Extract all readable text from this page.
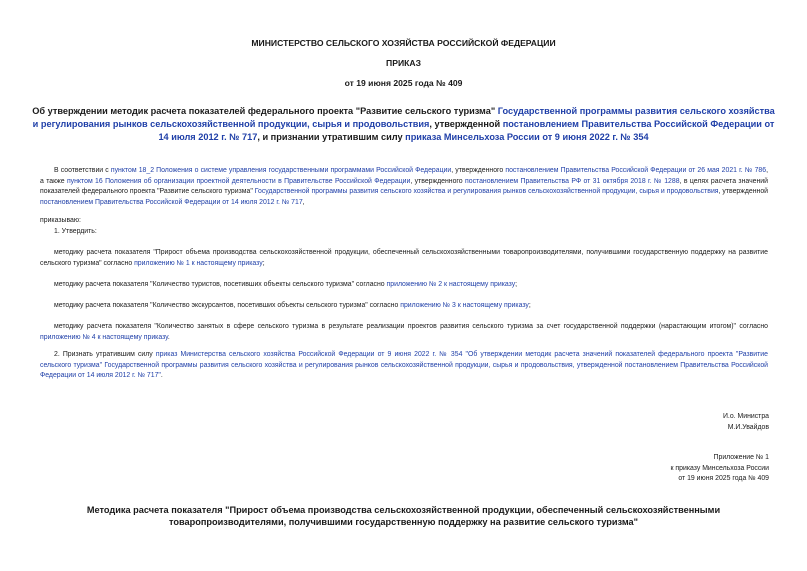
МИНИСТЕРСТВО СЕЛЬСКОГО ХОЗЯЙСТВА РОССИЙСКОЙ ФЕДЕРАЦИИ
ПРИКАЗ
от 19 июня 2025 года № 409
Об утверждении методик расчета показателей федерального проекта "Развитие сельского туризма" Государственной программы развития сельского хозяйства и регулирования рынков сельскохозяйственной продукции, сырья и продовольствия, утвержденной постановлением Правительства Российской Федерации от 14 июля 2012 г. № 717, и признании утратившим силу приказа Минсельхоза России от 9 июня 2022 г. № 354
В соответствии с пунктом 18_2 Положения о системе управления государственными программами Российской Федерации, утвержденного постановлением Правительства Российской Федерации от 26 мая 2021 г. № 786, а также пунктом 16 Положения об организации проектной деятельности в Правительстве Российской Федерации, утвержденного постановлением Правительства РФ от 31 октября 2018 г. № 1288, в целях расчета значений показателей федерального проекта "Развитие сельского туризма" Государственной программы развития сельского хозяйства и регулирования рынков сельскохозяйственной продукции, сырья и продовольствия, утвержденной постановлением Правительства Российской Федерации от 14 июля 2012 г. № 717,
приказываю:
1. Утвердить:
методику расчета показателя "Прирост объема производства сельскохозяйственной продукции, обеспеченный сельскохозяйственными товаропроизводителями, получившими государственную поддержку на развитие сельского туризма" согласно приложению № 1 к настоящему приказу;
методику расчета показателя "Количество туристов, посетивших объекты сельского туризма" согласно приложению № 2 к настоящему приказу;
методику расчета показателя "Количество экскурсантов, посетивших объекты сельского туризма" согласно приложению № 3 к настоящему приказу;
методику расчета показателя "Количество занятых в сфере сельского туризма в результате реализации проектов развития сельского туризма за счет государственной поддержки (нарастающим итогом)" согласно приложению № 4 к настоящему приказу.
2. Признать утратившим силу приказ Министерства сельского хозяйства Российской Федерации от 9 июня 2022 г. № 354 "Об утверждении методик расчета значений показателей федерального проекта "Развитие сельского туризма" Государственной программы развития сельского хозяйства и регулирования рынков сельскохозяйственной продукции, сырья и продовольствия, утвержденной постановлением Правительства Российской Федерации от 14 июля 2012 г. № 717".
И.о. Министра
М.И.Увайдов
Приложение № 1
к приказу Минсельхоза России
от 19 июня 2025 года № 409
Методика расчета показателя "Прирост объема производства сельскохозяйственной продукции, обеспеченный сельскохозяйственными товаропроизводителями, получившими государственную поддержку на развитие сельского туризма"
